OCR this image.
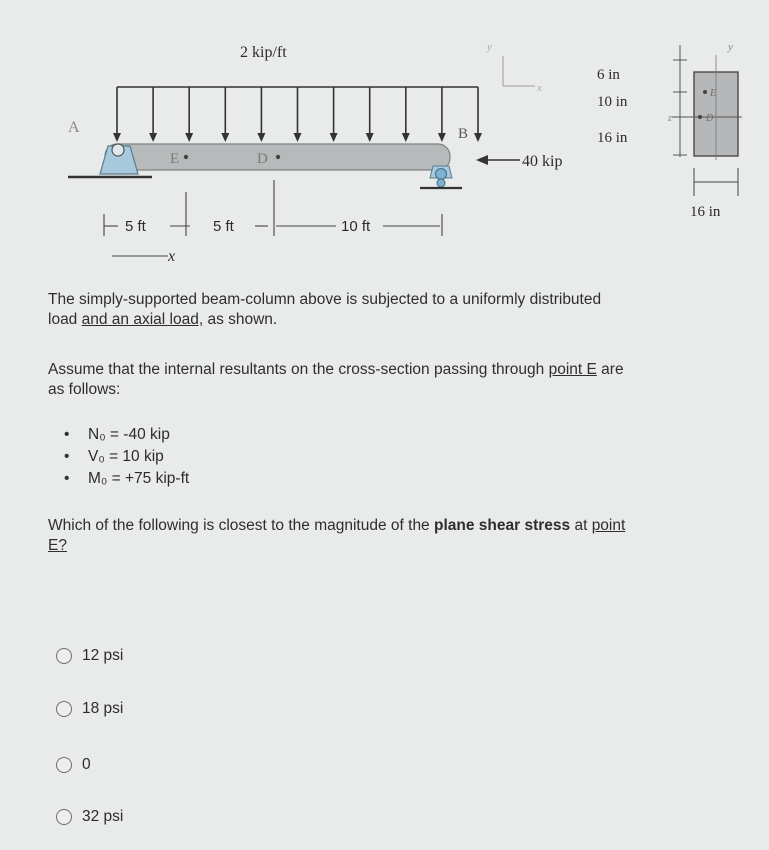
2 kip/ft
E	D
A	B
40 kip
5 ft	5 ft	10 ft
x
y
x
y
z
E
D
6 in
10 in
16 in
16 in
The simply-supported beam-column above is subjected to a uniformly distributed
load and an axial load, as shown.
Assume that the internal resultants on the cross-section passing through point E are
as follows:
• N₀ = -40 kip
• V₀ = 10 kip
• M₀ = +75 kip-ft
Which of the following is closest to the magnitude of the plane shear stress at point
E?
12 psi
18 psi
0
32 psi
